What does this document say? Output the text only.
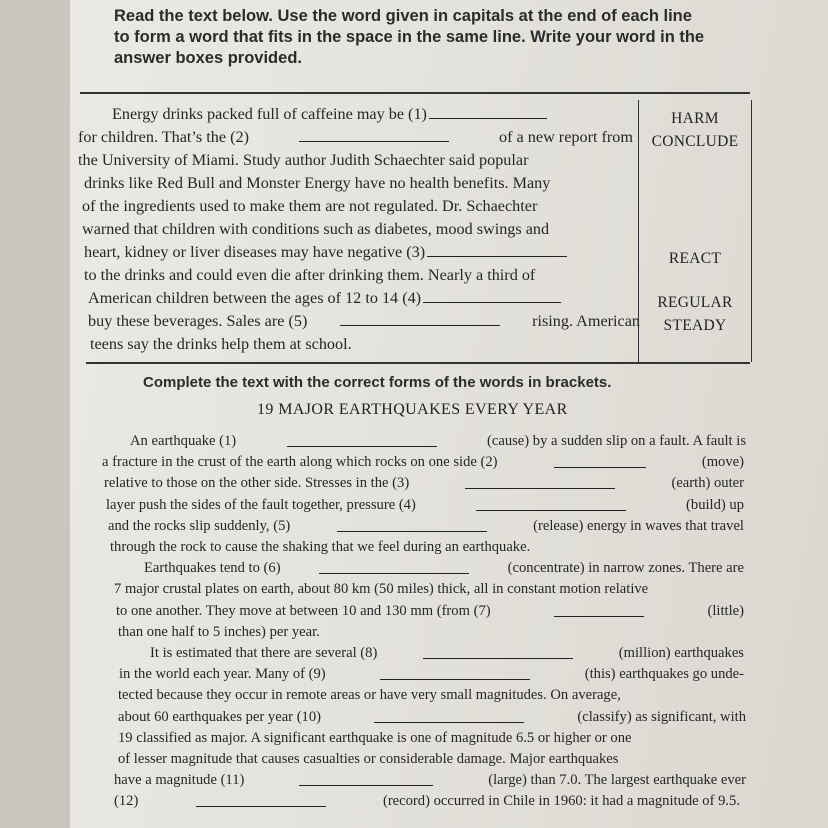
Read the text below. Use the word given in capitals at the end of each line
to form a word that fits in the space in the same line. Write your word in the
answer boxes provided.
Energy drinks packed full of caffeine may be (1)
for children. That’s the (2)	of a new report from
the University of Miami. Study author Judith Schaechter said popular
drinks like Red Bull and Monster Energy have no health benefits. Many
of the ingredients used to make them are not regulated. Dr. Schaechter
warned that children with conditions such as diabetes, mood swings and
heart, kidney or liver diseases may have negative (3)
to the drinks and could even die after drinking them. Nearly a third of
American children between the ages of 12 to 14 (4)
buy these beverages. Sales are (5)	rising. American
teens say the drinks help them at school.
HARM
CONCLUDE
REACT
REGULAR
STEADY
Complete the text with the correct forms of the words in brackets.
19 MAJOR EARTHQUAKES EVERY YEAR
An earthquake (1)	(cause) by a sudden slip on a fault. A fault is
a fracture in the crust of the earth along which rocks on one side (2)	(move)
relative to those on the other side. Stresses in the (3)	(earth) outer
layer push the sides of the fault together, pressure (4)	(build) up
and the rocks slip suddenly, (5)	(release) energy in waves that travel
through the rock to cause the shaking that we feel during an earthquake.
Earthquakes tend to (6)	(concentrate) in narrow zones. There are
7 major crustal plates on earth, about 80 km (50 miles) thick, all in constant motion relative
to one another. They move at between 10 and 130 mm (from (7)	(little)
than one half to 5 inches) per year.
It is estimated that there are several (8)	(million) earthquakes
in the world each year. Many of (9)	(this) earthquakes go unde-
tected because they occur in remote areas or have very small magnitudes. On average,
about 60 earthquakes per year (10)	(classify) as significant, with
19 classified as major. A significant earthquake is one of magnitude 6.5 or higher or one
of lesser magnitude that causes casualties or considerable damage. Major earthquakes
have a magnitude (11)	(large) than 7.0. The largest earthquake ever
(12)	(record) occurred in Chile in 1960: it had a magnitude of 9.5.
